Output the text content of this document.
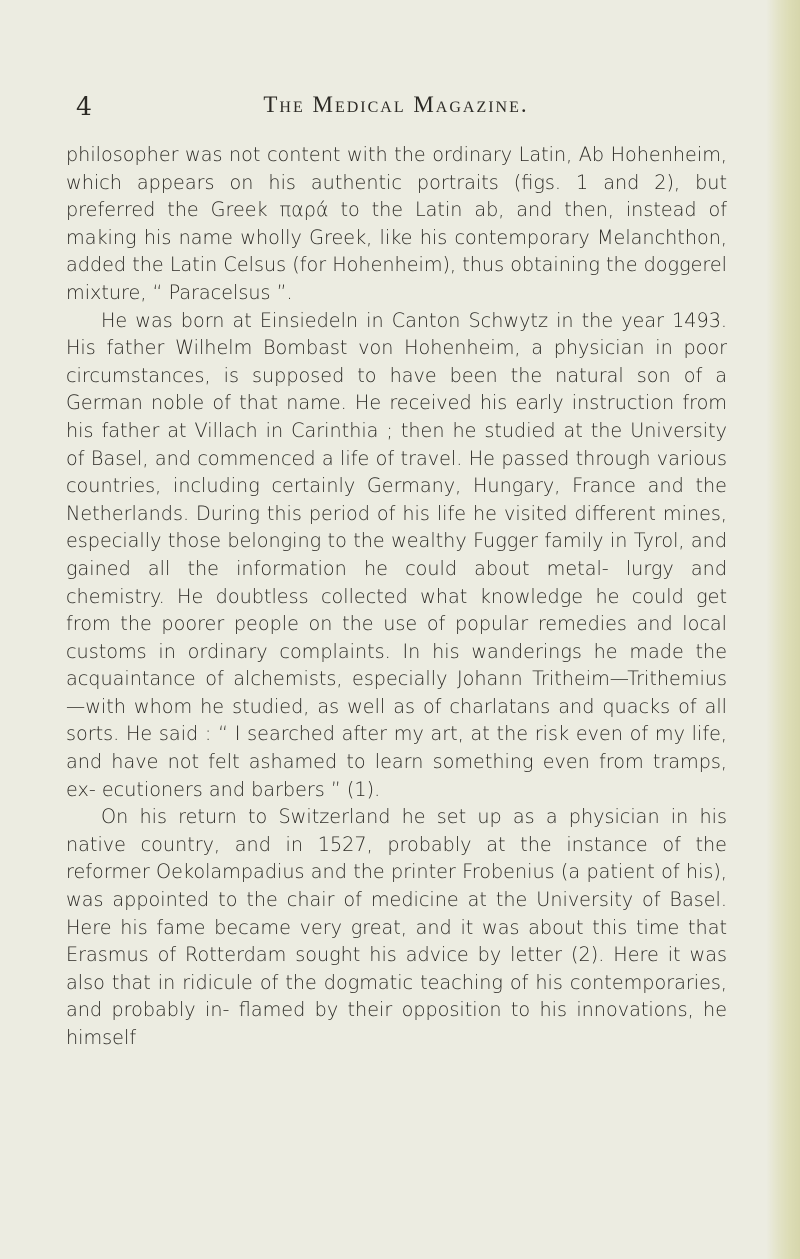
4	The Medical Magazine.

philosopher was not content with the ordinary Latin, Ab Hohenheim, which appears on his authentic portraits (figs. 1 and 2), but preferred the Greek παρά to the Latin ab, and then, instead of making his name wholly Greek, like his contemporary Melanchthon, added the Latin Celsus (for Hohenheim), thus obtaining the doggerel mixture, “ Paracelsus ”.

He was born at Einsiedeln in Canton Schwytz in the year 1493. His father Wilhelm Bombast von Hohenheim, a physician in poor circumstances, is supposed to have been the natural son of a German noble of that name. He received his early instruction from his father at Villach in Carinthia ; then he studied at the University of Basel, and commenced a life of travel. He passed through various countries, including certainly Germany, Hungary, France and the Netherlands. During this period of his life he visited different mines, especially those belonging to the wealthy Fugger family in Tyrol, and gained all the information he could about metal- lurgy and chemistry. He doubtless collected what knowledge he could get from the poorer people on the use of popular remedies and local customs in ordinary complaints. In his wanderings he made the acquaintance of alchemists, especially Johann Tritheim—Trithemius—with whom he studied, as well as of charlatans and quacks of all sorts. He said : “ I searched after my art, at the risk even of my life, and have not felt ashamed to learn something even from tramps, ex- ecutioners and barbers ” (1).

On his return to Switzerland he set up as a physician in his native country, and in 1527, probably at the instance of the reformer Oekolampadius and the printer Frobenius (a patient of his), was appointed to the chair of medicine at the University of Basel. Here his fame became very great, and it was about this time that Erasmus of Rotterdam sought his advice by letter (2). Here it was also that in ridicule of the dogmatic teaching of his contemporaries, and probably in- flamed by their opposition to his innovations, he himself
